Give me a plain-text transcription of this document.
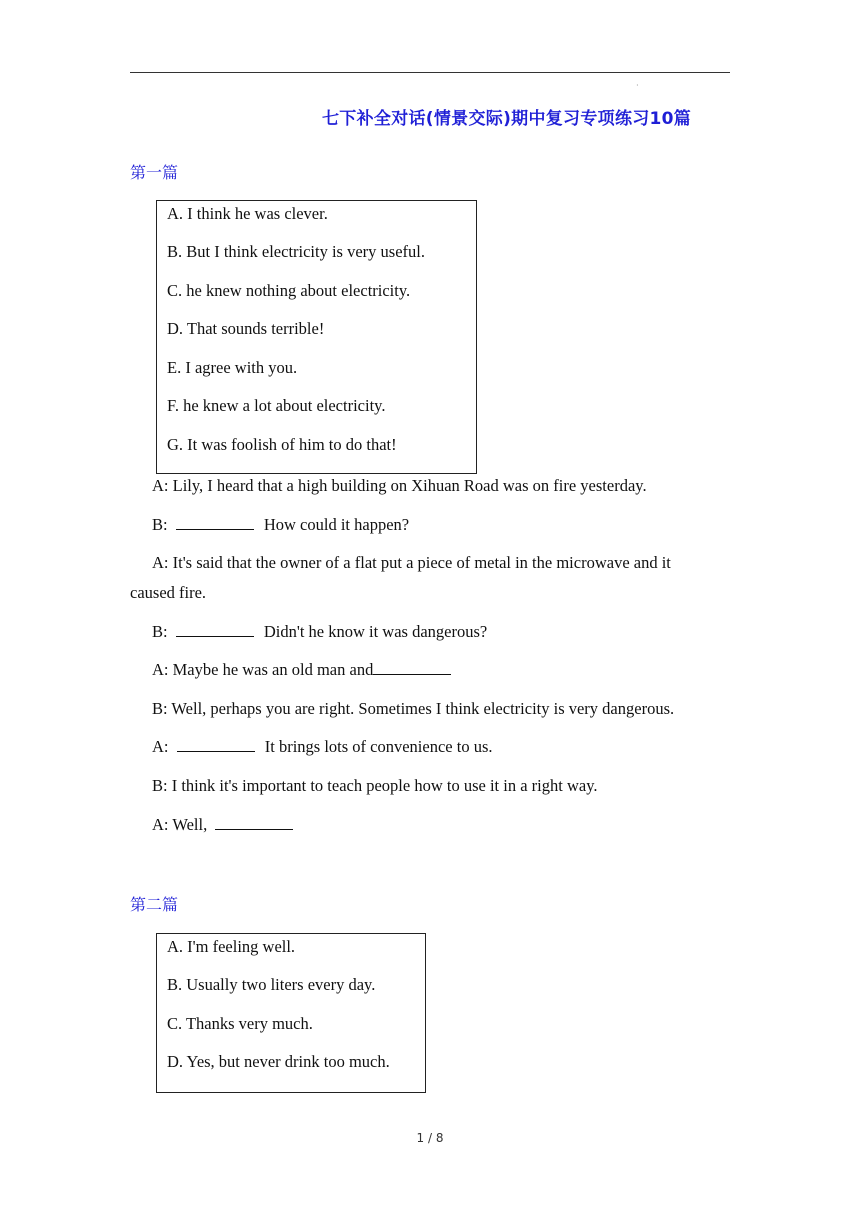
·
七下补全对话(情景交际)期中复习专项练习10篇
第一篇
A. I think he was clever.
B. But I think electricity is very useful.
C. he knew nothing about electricity.
D. That sounds terrible!
E. I agree with you.
F. he knew a lot about electricity.
G. It was foolish of him to do that!
A: Lily, I heard that a high building on Xihuan Road was on fire yesterday.
B:	How could it happen?
A: It's said that the owner of a flat put a piece of metal in the microwave and it
caused fire.
B:	Didn't he know it was dangerous?
A: Maybe he was an old man and
B: Well, perhaps you are right. Sometimes I think electricity is very dangerous.
A:	It brings lots of convenience to us.
B: I think it's important to teach people how to use it in a right way.
A: Well,
第二篇
A. I'm feeling well.
B. Usually two liters every day.
C. Thanks very much.
D. Yes, but never drink too much.
1 / 8
